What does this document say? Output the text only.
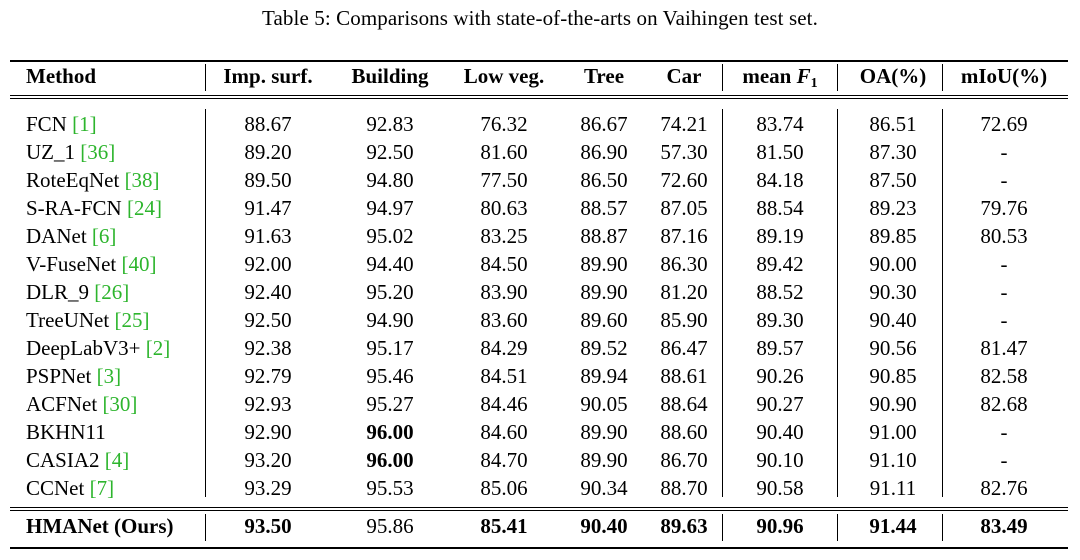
Table 5: Comparisons with state-of-the-arts on Vaihingen test set.
Method	Imp. surf.	Building	Low veg.	Tree	Car	mean $F_1$	OA(%)	mIoU(%)
FCN [1]	88.67	92.83	76.32	86.67	74.21	83.74	86.51	72.69
UZ_1 [36]	89.20	92.50	81.60	86.90	57.30	81.50	87.30	-
RoteEqNet [38]	89.50	94.80	77.50	86.50	72.60	84.18	87.50	-
S-RA-FCN [24]	91.47	94.97	80.63	88.57	87.05	88.54	89.23	79.76
DANet [6]	91.63	95.02	83.25	88.87	87.16	89.19	89.85	80.53
V-FuseNet [40]	92.00	94.40	84.50	89.90	86.30	89.42	90.00	-
DLR_9 [26]	92.40	95.20	83.90	89.90	81.20	88.52	90.30	-
TreeUNet [25]	92.50	94.90	83.60	89.60	85.90	89.30	90.40	-
DeepLabV3+ [2]	92.38	95.17	84.29	89.52	86.47	89.57	90.56	81.47
PSPNet [3]	92.79	95.46	84.51	89.94	88.61	90.26	90.85	82.58
ACFNet [30]	92.93	95.27	84.46	90.05	88.64	90.27	90.90	82.68
BKHN11	92.90	96.00	84.60	89.90	88.60	90.40	91.00	-
CASIA2 [4]	93.20	96.00	84.70	89.90	86.70	90.10	91.10	-
CCNet [7]	93.29	95.53	85.06	90.34	88.70	90.58	91.11	82.76
HMANet (Ours)	93.50	95.86	85.41	90.40	89.63	90.96	91.44	83.49
